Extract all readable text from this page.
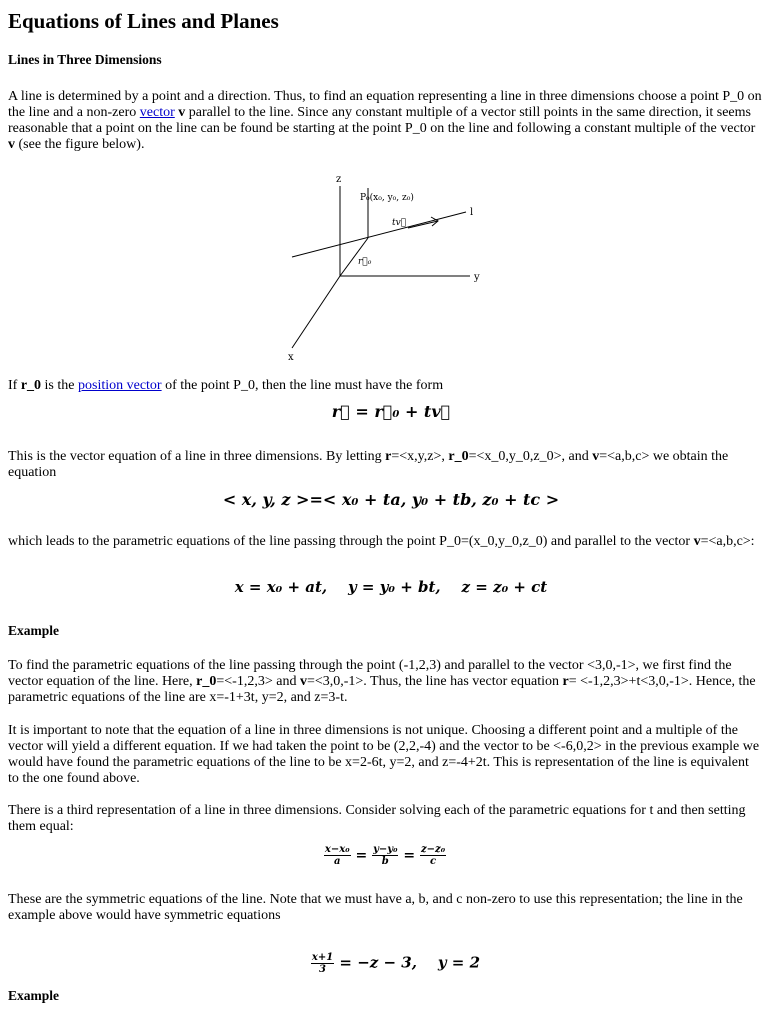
Equations of Lines and Planes
Lines in Three Dimensions

A line is determined by a point and a direction. Thus, to find an equation representing a line in three dimensions choose a point P_0 on the line and a non-zero vector v parallel to the line. Since any constant multiple of a vector still points in the same direction, it seems reasonable that a point on the line can be found be starting at the point P_0 on the line and following a constant multiple of the vector v (see the figure below).

z
y
x
l
P₀(x₀, y₀, z₀)
tv⃗
r⃗₀

If r_0 is the position vector of the point P_0, then the line must have the form

r⃗ = r⃗₀ + tv⃗

This is the vector equation of a line in three dimensions. By letting r=<x,y,z>, r_0=<x_0,y_0,z_0>, and v=<a,b,c> we obtain the equation

< x, y, z >=< x₀ + ta, y₀ + tb, z₀ + tc >

which leads to the parametric equations of the line passing through the point P_0=(x_0,y_0,z_0) and parallel to the vector v=<a,b,c>:

x = x₀ + at,    y = y₀ + bt,    z = z₀ + ct
Example

To find the parametric equations of the line passing through the point (-1,2,3) and parallel to the vector <3,0,-1>, we first find the vector equation of the line. Here, r_0=<-1,2,3> and v=<3,0,-1>. Thus, the line has vector equation r= <-1,2,3>+t<3,0,-1>. Hence, the parametric equations of the line are x=-1+3t, y=2, and z=3-t.

It is important to note that the equation of a line in three dimensions is not unique. Choosing a different point and a multiple of the vector will yield a different equation. If we had taken the point to be (2,2,-4) and the vector to be <-6,0,2> in the previous example we would have found the parametric equations of the line to be x=2-6t, y=2, and z=-4+2t. This is representation of the line is equivalent to the one found above.

There is a third representation of a line in three dimensions. Consider solving each of the parametric equations for t and then setting them equal:

$\frac{\text{x−x₀}}{a} = \frac{\text{y−y₀}}{b} = \frac{\text{z−z₀}}{c}$

These are the symmetric equations of the line. Note that we must have a, b, and c non-zero to use this representation; the line in the example above would have symmetric equations

$\frac{x+1}{3} = -z - 3$,    y = 2

Example
